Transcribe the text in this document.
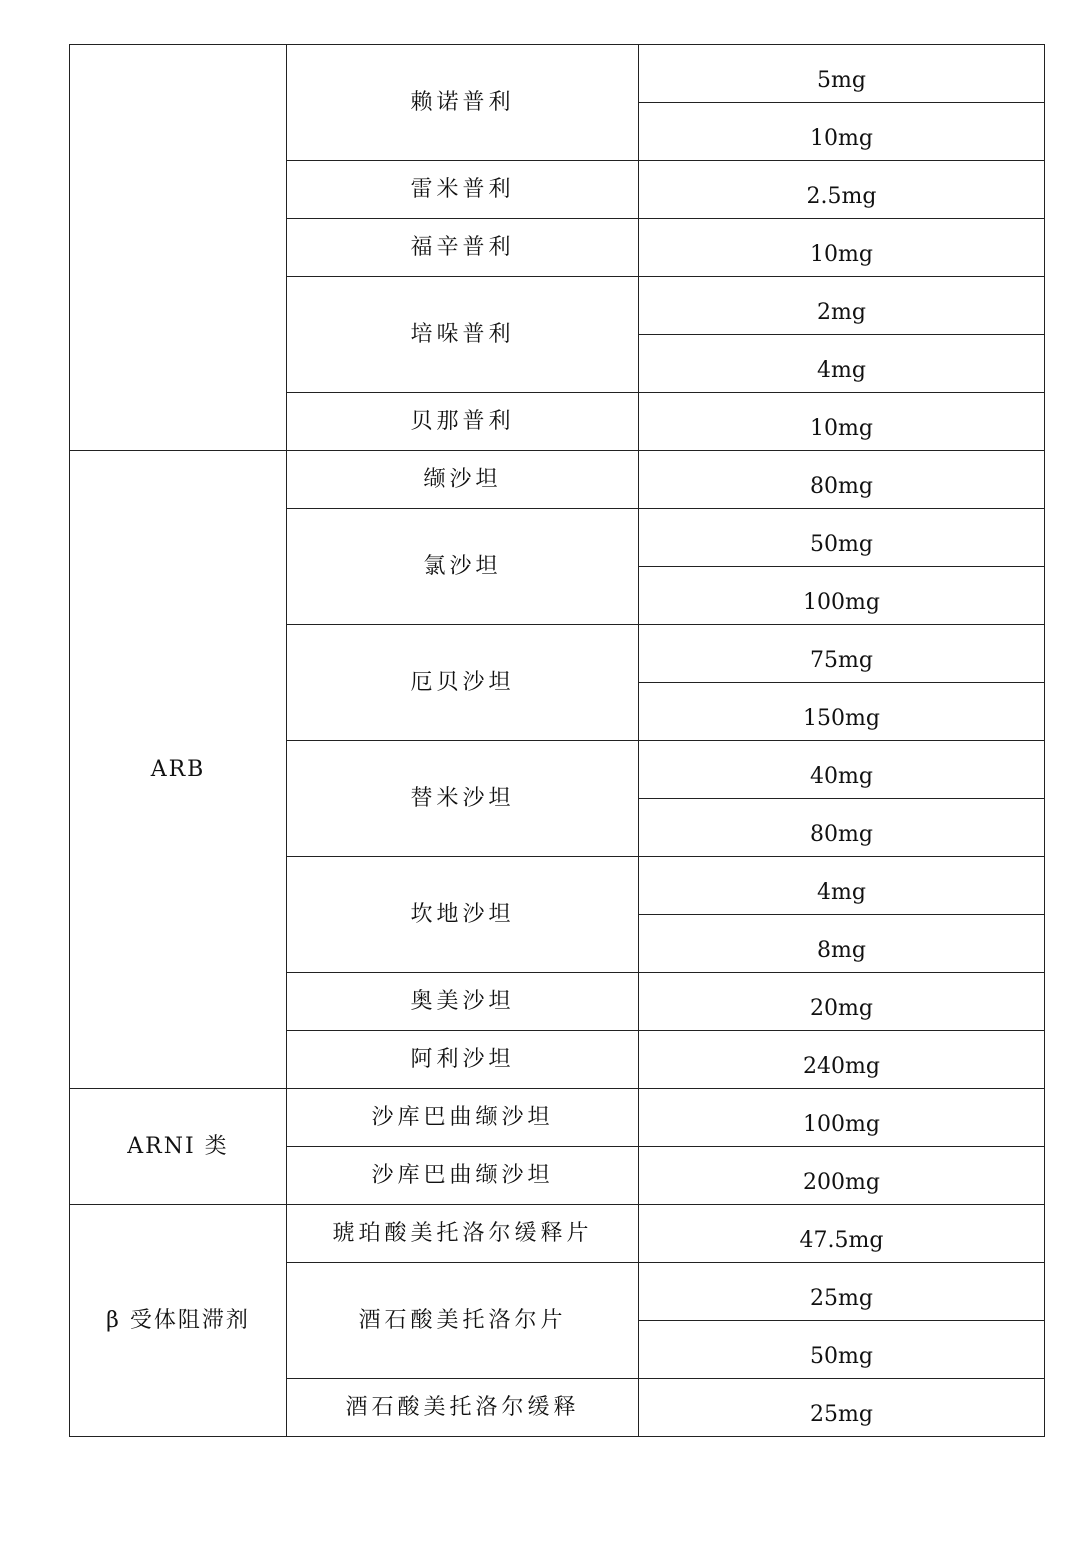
	赖诺普利	5mg
		10mg
	雷米普利	2.5mg
	福辛普利	10mg
	培哚普利	2mg
		4mg
	贝那普利	10mg
ARB	缬沙坦	80mg
	氯沙坦	50mg
		100mg
	厄贝沙坦	75mg
		150mg
	替米沙坦	40mg
		80mg
	坎地沙坦	4mg
		8mg
	奥美沙坦	20mg
	阿利沙坦	240mg
ARNI 类	沙库巴曲缬沙坦	100mg
	沙库巴曲缬沙坦	200mg
β 受体阻滞剂	琥珀酸美托洛尔缓释片	47.5mg
	酒石酸美托洛尔片	25mg
		50mg
	酒石酸美托洛尔缓释	25mg
